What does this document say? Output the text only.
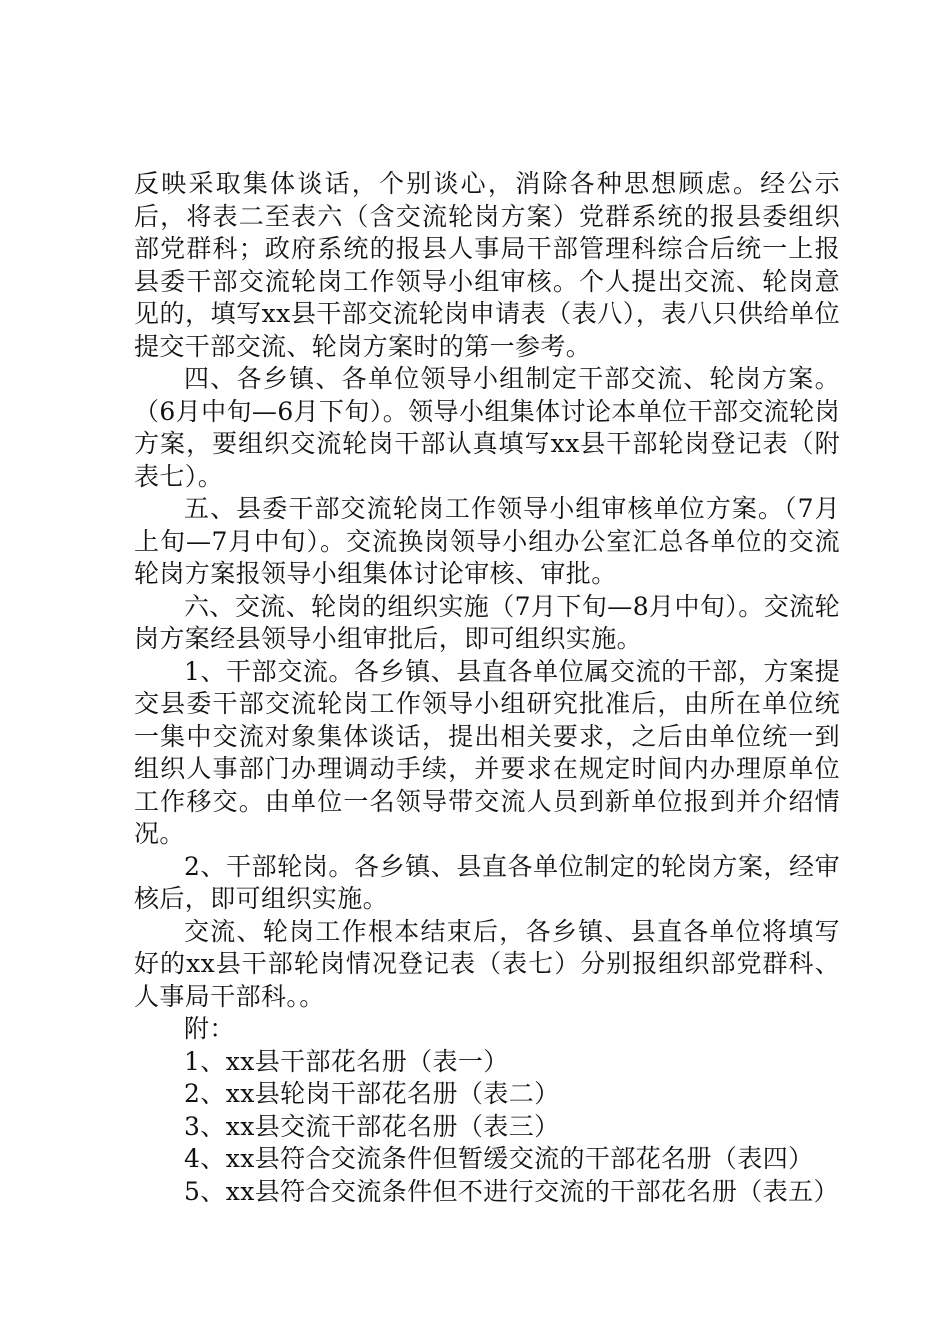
反映采取集体谈话，个别谈心，消除各种思想顾虑。经公示后，将表二至表六（含交流轮岗方案）党群系统的报县委组织部党群科；政府系统的报县人事局干部管理科综合后统一上报县委干部交流轮岗工作领导小组审核。个人提出交流、轮岗意见的，填写xx县干部交流轮岗申请表（表八），表八只供给单位提交干部交流、轮岗方案时的第一参考。

四、各乡镇、各单位领导小组制定干部交流、轮岗方案。（6月中旬—6月下旬）。领导小组集体讨论本单位干部交流轮岗方案，要组织交流轮岗干部认真填写xx县干部轮岗登记表（附表七）。

五、县委干部交流轮岗工作领导小组审核单位方案。（7月上旬—7月中旬）。交流换岗领导小组办公室汇总各单位的交流轮岗方案报领导小组集体讨论审核、审批。

六、交流、轮岗的组织实施（7月下旬—8月中旬）。交流轮岗方案经县领导小组审批后，即可组织实施。

1、干部交流。各乡镇、县直各单位属交流的干部，方案提交县委干部交流轮岗工作领导小组研究批准后，由所在单位统一集中交流对象集体谈话，提出相关要求，之后由单位统一到组织人事部门办理调动手续，并要求在规定时间内办理原单位工作移交。由单位一名领导带交流人员到新单位报到并介绍情况。

2、干部轮岗。各乡镇、县直各单位制定的轮岗方案，经审核后，即可组织实施。

交流、轮岗工作根本结束后，各乡镇、县直各单位将填写好的xx县干部轮岗情况登记表（表七）分别报组织部党群科、人事局干部科。。

附：

1、xx县干部花名册（表一）

2、xx县轮岗干部花名册（表二）

3、xx县交流干部花名册（表三）

4、xx县符合交流条件但暂缓交流的干部花名册（表四）

5、xx县符合交流条件但不进行交流的干部花名册（表五）
